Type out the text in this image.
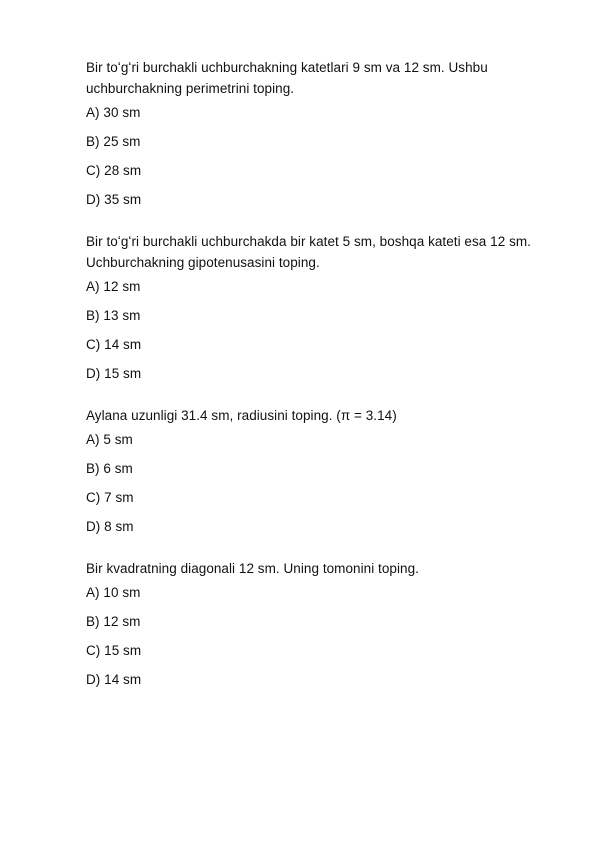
Bir toʻgʻri burchakli uchburchakning katetlari 9 sm va 12 sm. Ushbu uchburchakning perimetrini toping.

A) 30 sm
B) 25 sm
C) 28 sm
D) 35 sm

Bir toʻgʻri burchakli uchburchakda bir katet 5 sm, boshqa kateti esa 12 sm. Uchburchakning gipotenusasini toping.

A) 12 sm
B) 13 sm
C) 14 sm
D) 15 sm

Aylana uzunligi 31.4 sm, radiusini toping. (π = 3.14)

A) 5 sm
B) 6 sm
C) 7 sm
D) 8 sm

Bir kvadratning diagonali 12 sm. Uning tomonini toping.

A) 10 sm
B) 12 sm
C) 15 sm
D) 14 sm
